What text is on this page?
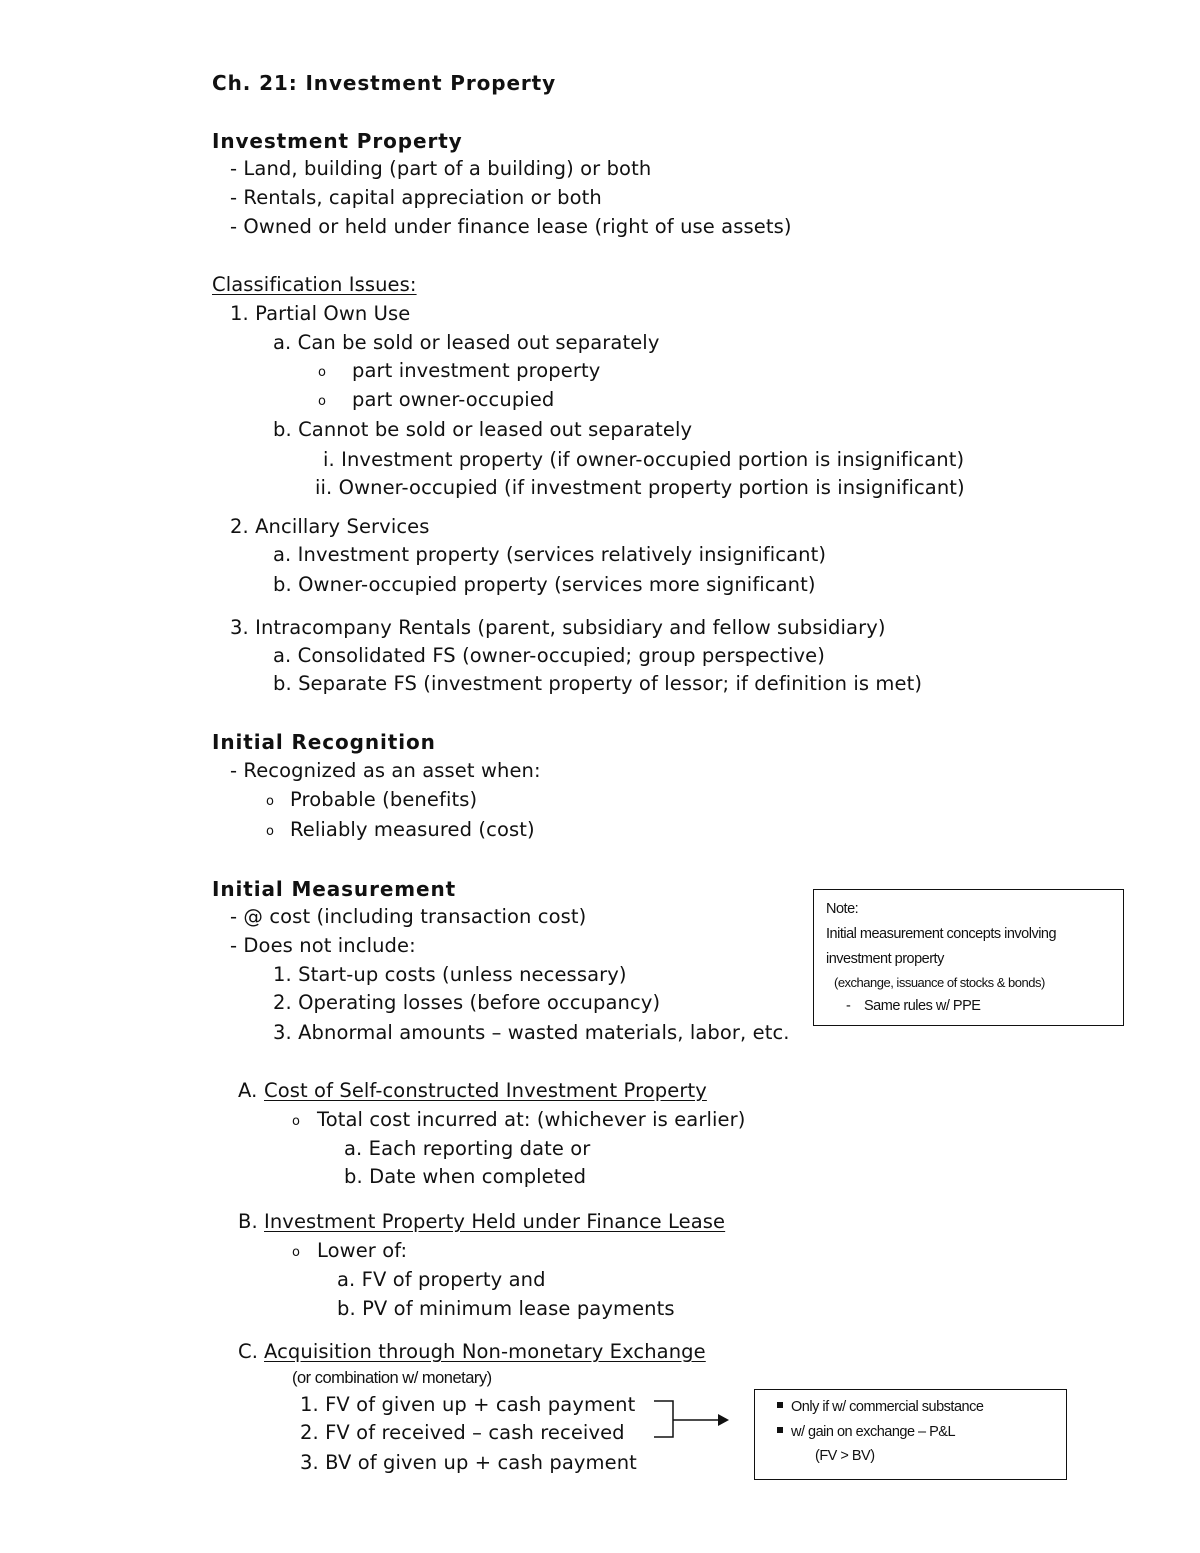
Ch. 21: Investment Property
Investment Property
- Land, building (part of a building) or both
- Rentals, capital appreciation or both
- Owned or held under finance lease (right of use assets)
Classification Issues:
1. Partial Own Use
a. Can be sold or leased out separately
o part investment property
o part owner-occupied
b. Cannot be sold or leased out separately
i. Investment property (if owner-occupied portion is insignificant)
ii. Owner-occupied (if investment property portion is insignificant)
2. Ancillary Services
a. Investment property (services relatively insignificant)
b. Owner-occupied property (services more significant)
3. Intracompany Rentals (parent, subsidiary and fellow subsidiary)
a. Consolidated FS (owner-occupied; group perspective)
b. Separate FS (investment property of lessor; if definition is met)
Initial Recognition
- Recognized as an asset when:
o Probable (benefits)
o Reliably measured (cost)
Initial Measurement
- @ cost (including transaction cost)
- Does not include:
1. Start-up costs (unless necessary)
2. Operating losses (before occupancy)
3. Abnormal amounts – wasted materials, labor, etc.
Note:
Initial measurement concepts involving
investment property
(exchange, issuance of stocks & bonds)
- Same rules w/ PPE
A. Cost of Self-constructed Investment Property
o Total cost incurred at: (whichever is earlier)
a. Each reporting date or
b. Date when completed
B. Investment Property Held under Finance Lease
o Lower of:
a. FV of property and
b. PV of minimum lease payments
C. Acquisition through Non-monetary Exchange
(or combination w/ monetary)
1. FV of given up + cash payment
2. FV of received – cash received
3. BV of given up + cash payment
Only if w/ commercial substance
w/ gain on exchange – P&L
(FV > BV)
